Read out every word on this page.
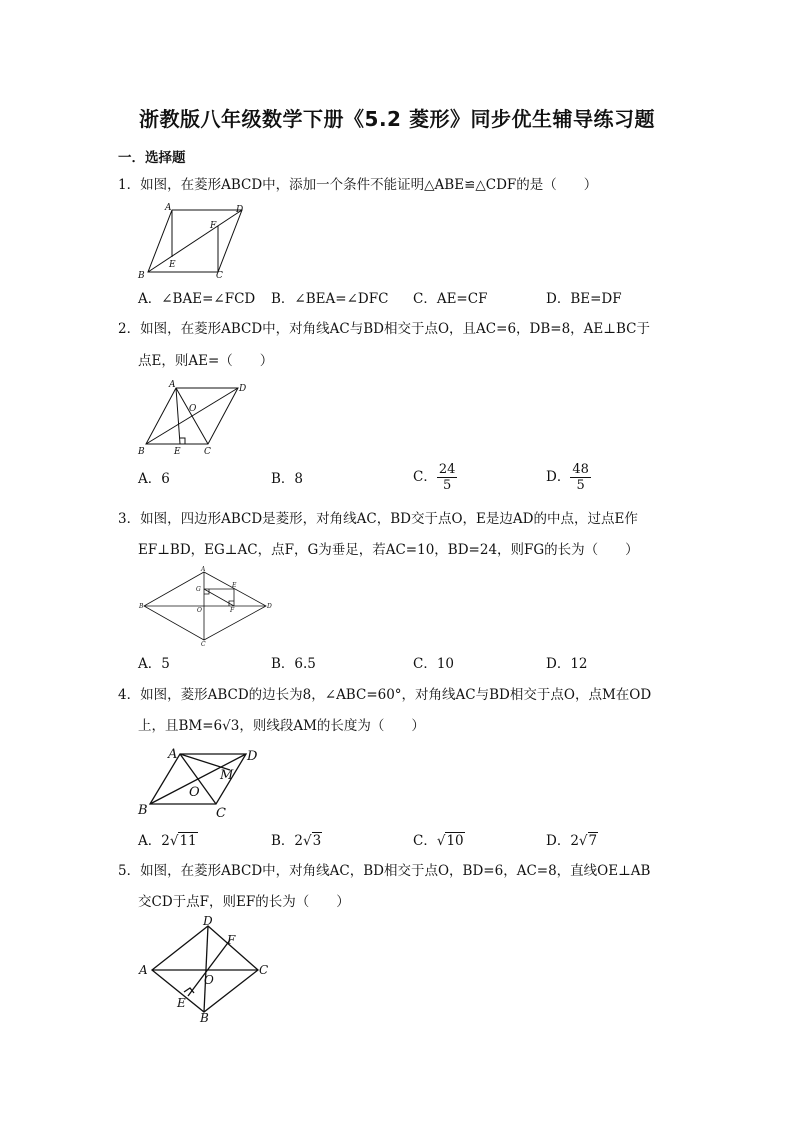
浙教版八年级数学下册《5.2 菱形》同步优生辅导练习题
一．选择题
1．如图，在菱形ABCD中，添加一个条件不能证明△ABE≌△CDF的是（　　）
A	D
F
E
B	C
A．∠BAE=∠FCD B．∠BEA=∠DFC C．AE=CF	D．BE=DF
2．如图，在菱形ABCD中，对角线AC与BD相交于点O，且AC=6，DB=8，AE⊥BC于
点E，则AE=（　　）
A	D
O
B	E	C
A．6	B．8	C． $\frac{24}{5}$	D． $\frac{48}{5}$
3．如图，四边形ABCD是菱形，对角线AC，BD交于点O，E是边AD的中点，过点E作
EF⊥BD，EG⊥AC，点F，G为垂足，若AC=10，BD=24，则FG的长为（　　）
A
E
G
B
O	F
D
C
A．5	B．6.5	C．10	D．12
4．如图，菱形ABCD的边长为8，∠ABC=60°，对角线AC与BD相交于点O，点M在OD
上，且BM=6√3，则线段AM的长度为（　　）
A	D
M
O
B	C
A．2√11	B．2√3	C．√10	D．2√7
5．如图，在菱形ABCD中，对角线AC，BD相交于点O，BD=6，AC=8，直线OE⊥AB
交CD于点F，则EF的长为（　　）
D
F
A	C
O
E
B
